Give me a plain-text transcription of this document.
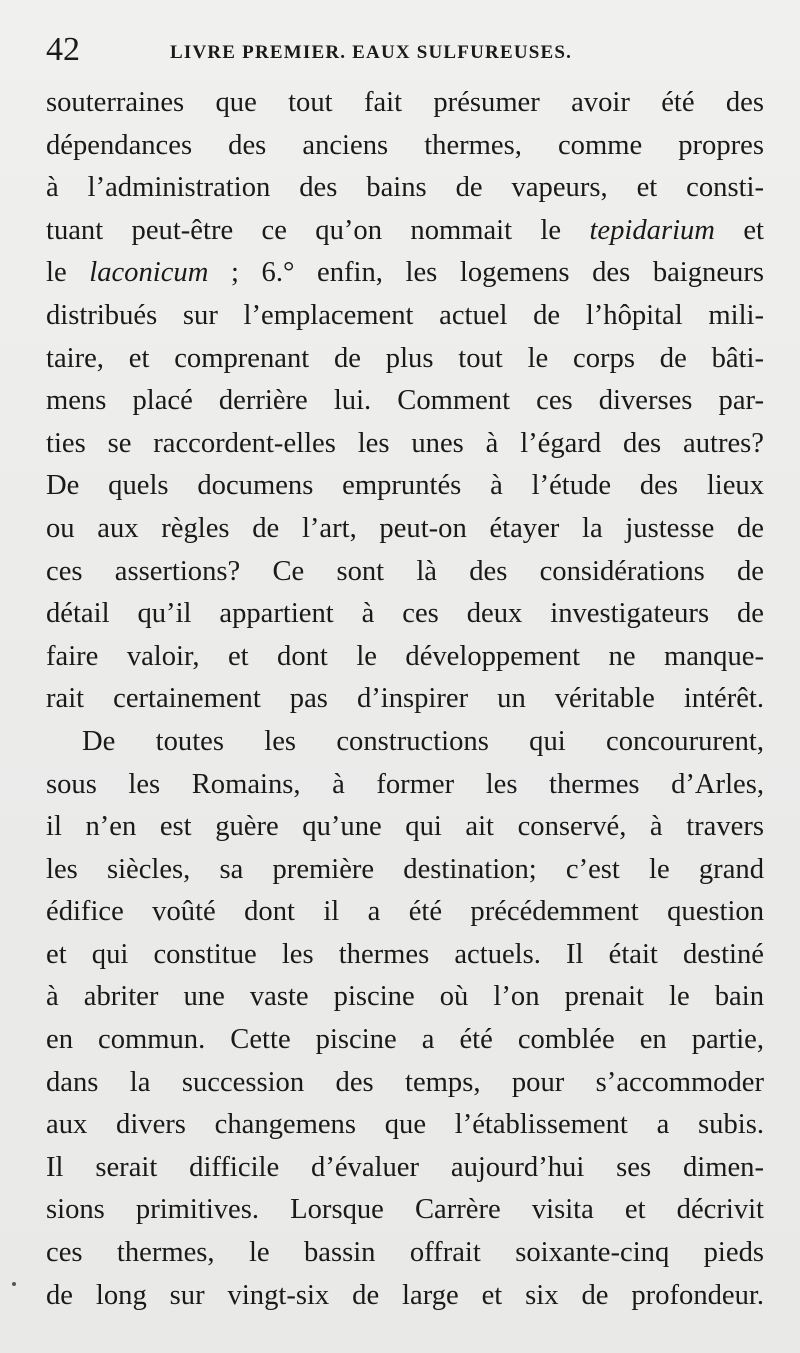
42	LIVRE PREMIER. EAUX SULFUREUSES.
souterraines que tout fait présumer avoir été des
dépendances des anciens thermes, comme propres
à l’administration des bains de vapeurs, et consti-
tuant peut-être ce qu’on nommait le tepidarium et
le laconicum ; 6.° enfin, les logemens des baigneurs
distribués sur l’emplacement actuel de l’hôpital mili-
taire, et comprenant de plus tout le corps de bâti-
mens placé derrière lui. Comment ces diverses par-
ties se raccordent-elles les unes à l’égard des autres?
De quels documens empruntés à l’étude des lieux
ou aux règles de l’art, peut-on étayer la justesse de
ces assertions? Ce sont là des considérations de
détail qu’il appartient à ces deux investigateurs de
faire valoir, et dont le développement ne manque-
rait certainement pas d’inspirer un véritable intérêt.
De toutes les constructions qui concoururent,
sous les Romains, à former les thermes d’Arles,
il n’en est guère qu’une qui ait conservé, à travers
les siècles, sa première destination; c’est le grand
édifice voûté dont il a été précédemment question
et qui constitue les thermes actuels. Il était destiné
à abriter une vaste piscine où l’on prenait le bain
en commun. Cette piscine a été comblée en partie,
dans la succession des temps, pour s’accommoder
aux divers changemens que l’établissement a subis.
Il serait difficile d’évaluer aujourd’hui ses dimen-
sions primitives. Lorsque Carrère visita et décrivit
ces thermes, le bassin offrait soixante-cinq pieds
de long sur vingt-six de large et six de profondeur.
